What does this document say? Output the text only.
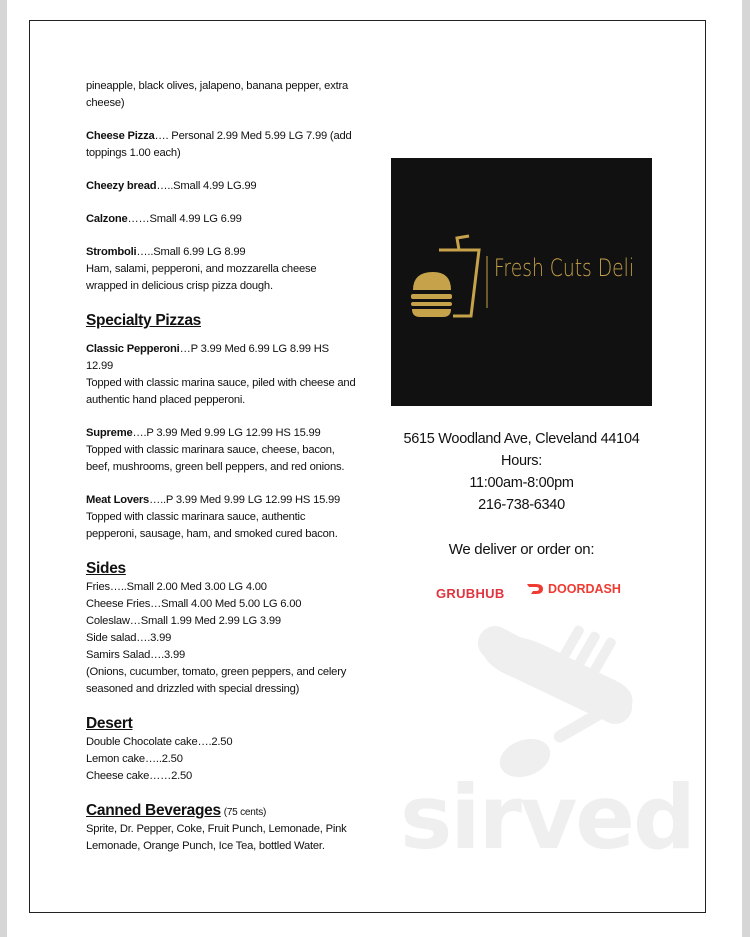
pineapple, black olives, jalapeno, banana pepper, extra cheese)

Cheese Pizza…. Personal 2.99 Med 5.99 LG 7.99 (add toppings 1.00 each)

Cheezy bread…..Small 4.99 LG.99

Calzone……Small 4.99 LG 6.99

Stromboli…..Small 6.99 LG 8.99

Ham, salami, pepperoni, and mozzarella cheese wrapped in delicious crisp pizza dough.

Specialty Pizzas

Classic Pepperoni…P 3.99 Med 6.99 LG 8.99 HS 12.99

Topped with classic marina sauce, piled with cheese and authentic hand placed pepperoni.

Supreme….P 3.99 Med 9.99 LG 12.99 HS 15.99

Topped with classic marinara sauce, cheese, bacon, beef, mushrooms, green bell peppers, and red onions.

Meat Lovers…..P 3.99 Med 9.99 LG 12.99 HS 15.99

Topped with classic marinara sauce, authentic pepperoni, sausage, ham, and smoked cured bacon.

Sides

Fries…..Small 2.00 Med 3.00 LG 4.00

Cheese Fries…Small 4.00 Med 5.00 LG 6.00

Coleslaw…Small 1.99 Med 2.99 LG 3.99

Side salad….3.99

Samirs Salad….3.99

(Onions, cucumber, tomato, green peppers, and celery seasoned and drizzled with special dressing)

Desert

Double Chocolate cake….2.50

Lemon cake…..2.50

Cheese cake……2.50

Canned Beverages (75 cents)

Sprite, Dr. Pepper, Coke, Fruit Punch, Lemonade, Pink Lemonade, Orange Punch, Ice Tea, bottled Water.

Fresh Cuts Deli
5615 Woodland Ave, Cleveland 44104
Hours:
11:00am-8:00pm
216-738-6340
We deliver or order on:
GRUBHUB	DOORDASH
sirved
